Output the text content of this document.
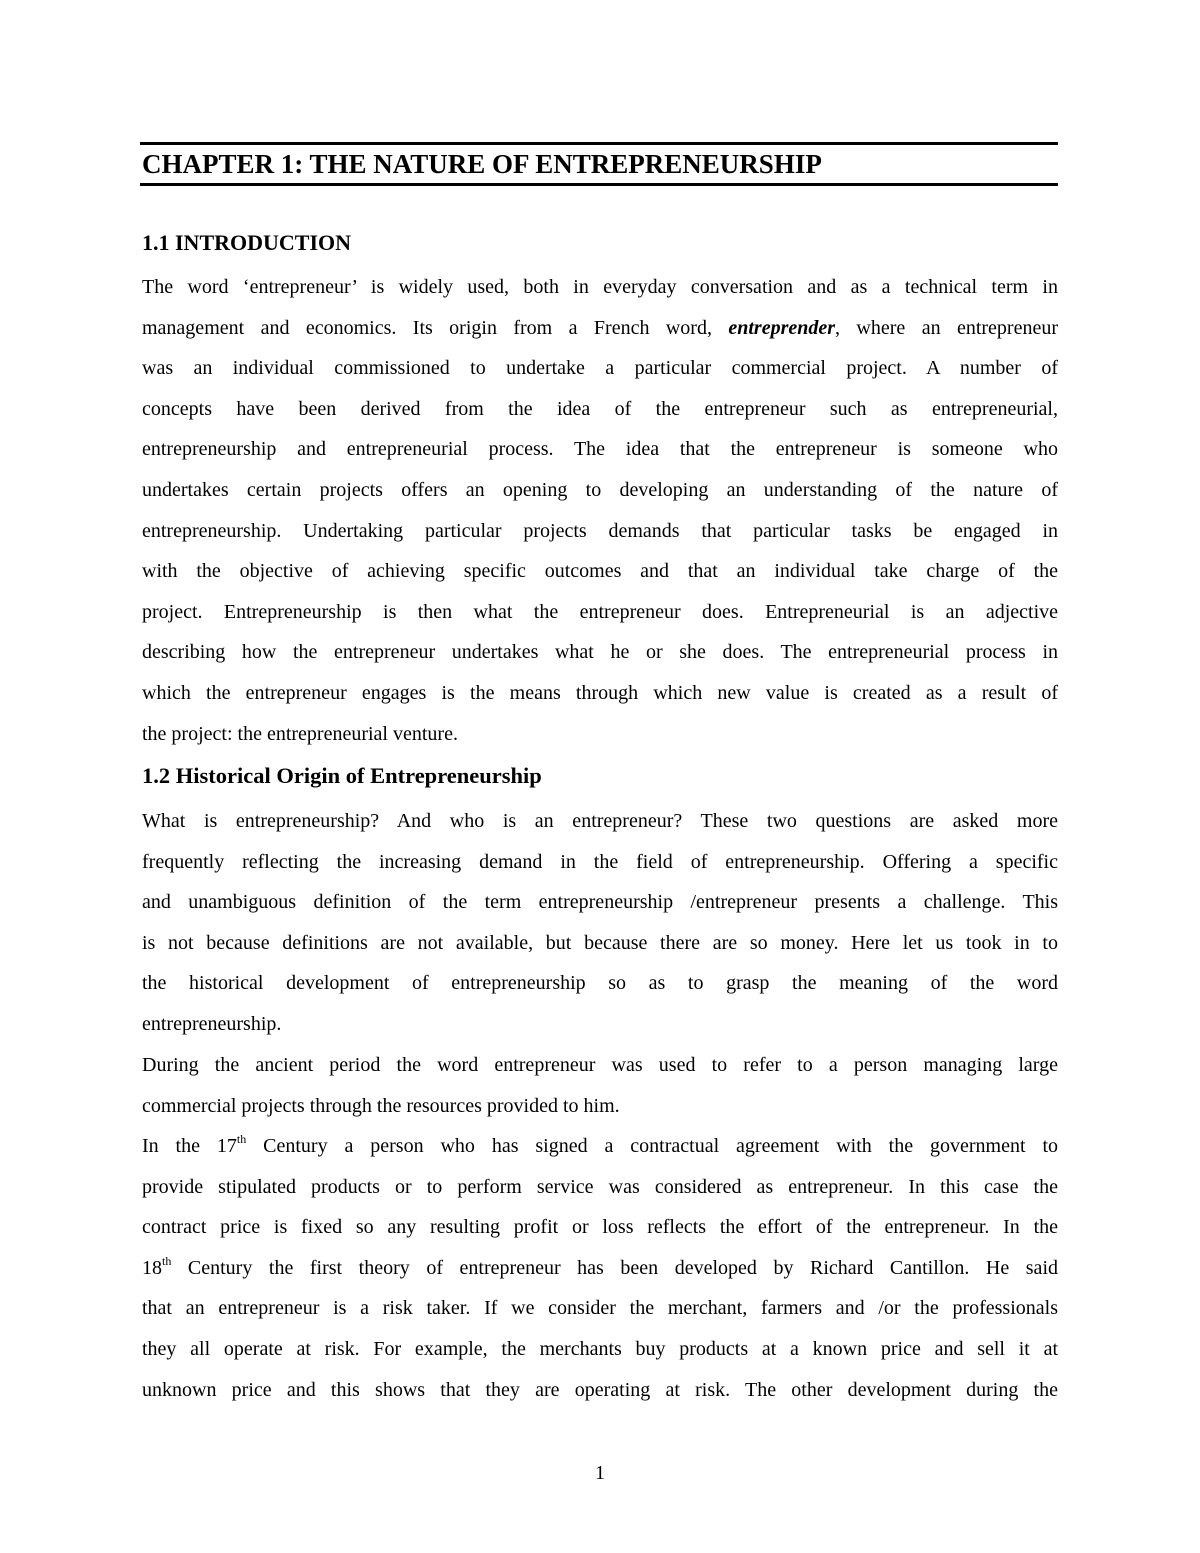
CHAPTER 1: THE NATURE OF ENTREPRENEURSHIP
1.1 INTRODUCTION
The word ‘entrepreneur’ is widely used, both in everyday conversation and as a technical term in
management and economics. Its origin from a French word, entreprender, where an entrepreneur
was an individual commissioned to undertake a particular commercial project. A number of
concepts have been derived from the idea of the entrepreneur such as entrepreneurial,
entrepreneurship and entrepreneurial process. The idea that the entrepreneur is someone who
undertakes certain projects offers an opening to developing an understanding of the nature of
entrepreneurship. Undertaking particular projects demands that particular tasks be engaged in
with the objective of achieving specific outcomes and that an individual take charge of the
project. Entrepreneurship is then what the entrepreneur does. Entrepreneurial is an adjective
describing how the entrepreneur undertakes what he or she does. The entrepreneurial process in
which the entrepreneur engages is the means through which new value is created as a result of
the project: the entrepreneurial venture.
1.2 Historical Origin of Entrepreneurship
What is entrepreneurship? And who is an entrepreneur? These two questions are asked more
frequently reflecting the increasing demand in the field of entrepreneurship. Offering a specific
and unambiguous definition of the term entrepreneurship /entrepreneur presents a challenge. This
is not because definitions are not available, but because there are so money. Here let us took in to
the historical development of entrepreneurship so as to grasp the meaning of the word
entrepreneurship.
During the ancient period the word entrepreneur was used to refer to a person managing large
commercial projects through the resources provided to him.
In the 17th Century a person who has signed a contractual agreement with the government to
provide stipulated products or to perform service was considered as entrepreneur. In this case the
contract price is fixed so any resulting profit or loss reflects the effort of the entrepreneur. In the
18th Century the first theory of entrepreneur has been developed by Richard Cantillon. He said
that an entrepreneur is a risk taker. If we consider the merchant, farmers and /or the professionals
they all operate at risk. For example, the merchants buy products at a known price and sell it at
unknown price and this shows that they are operating at risk. The other development during the
1
